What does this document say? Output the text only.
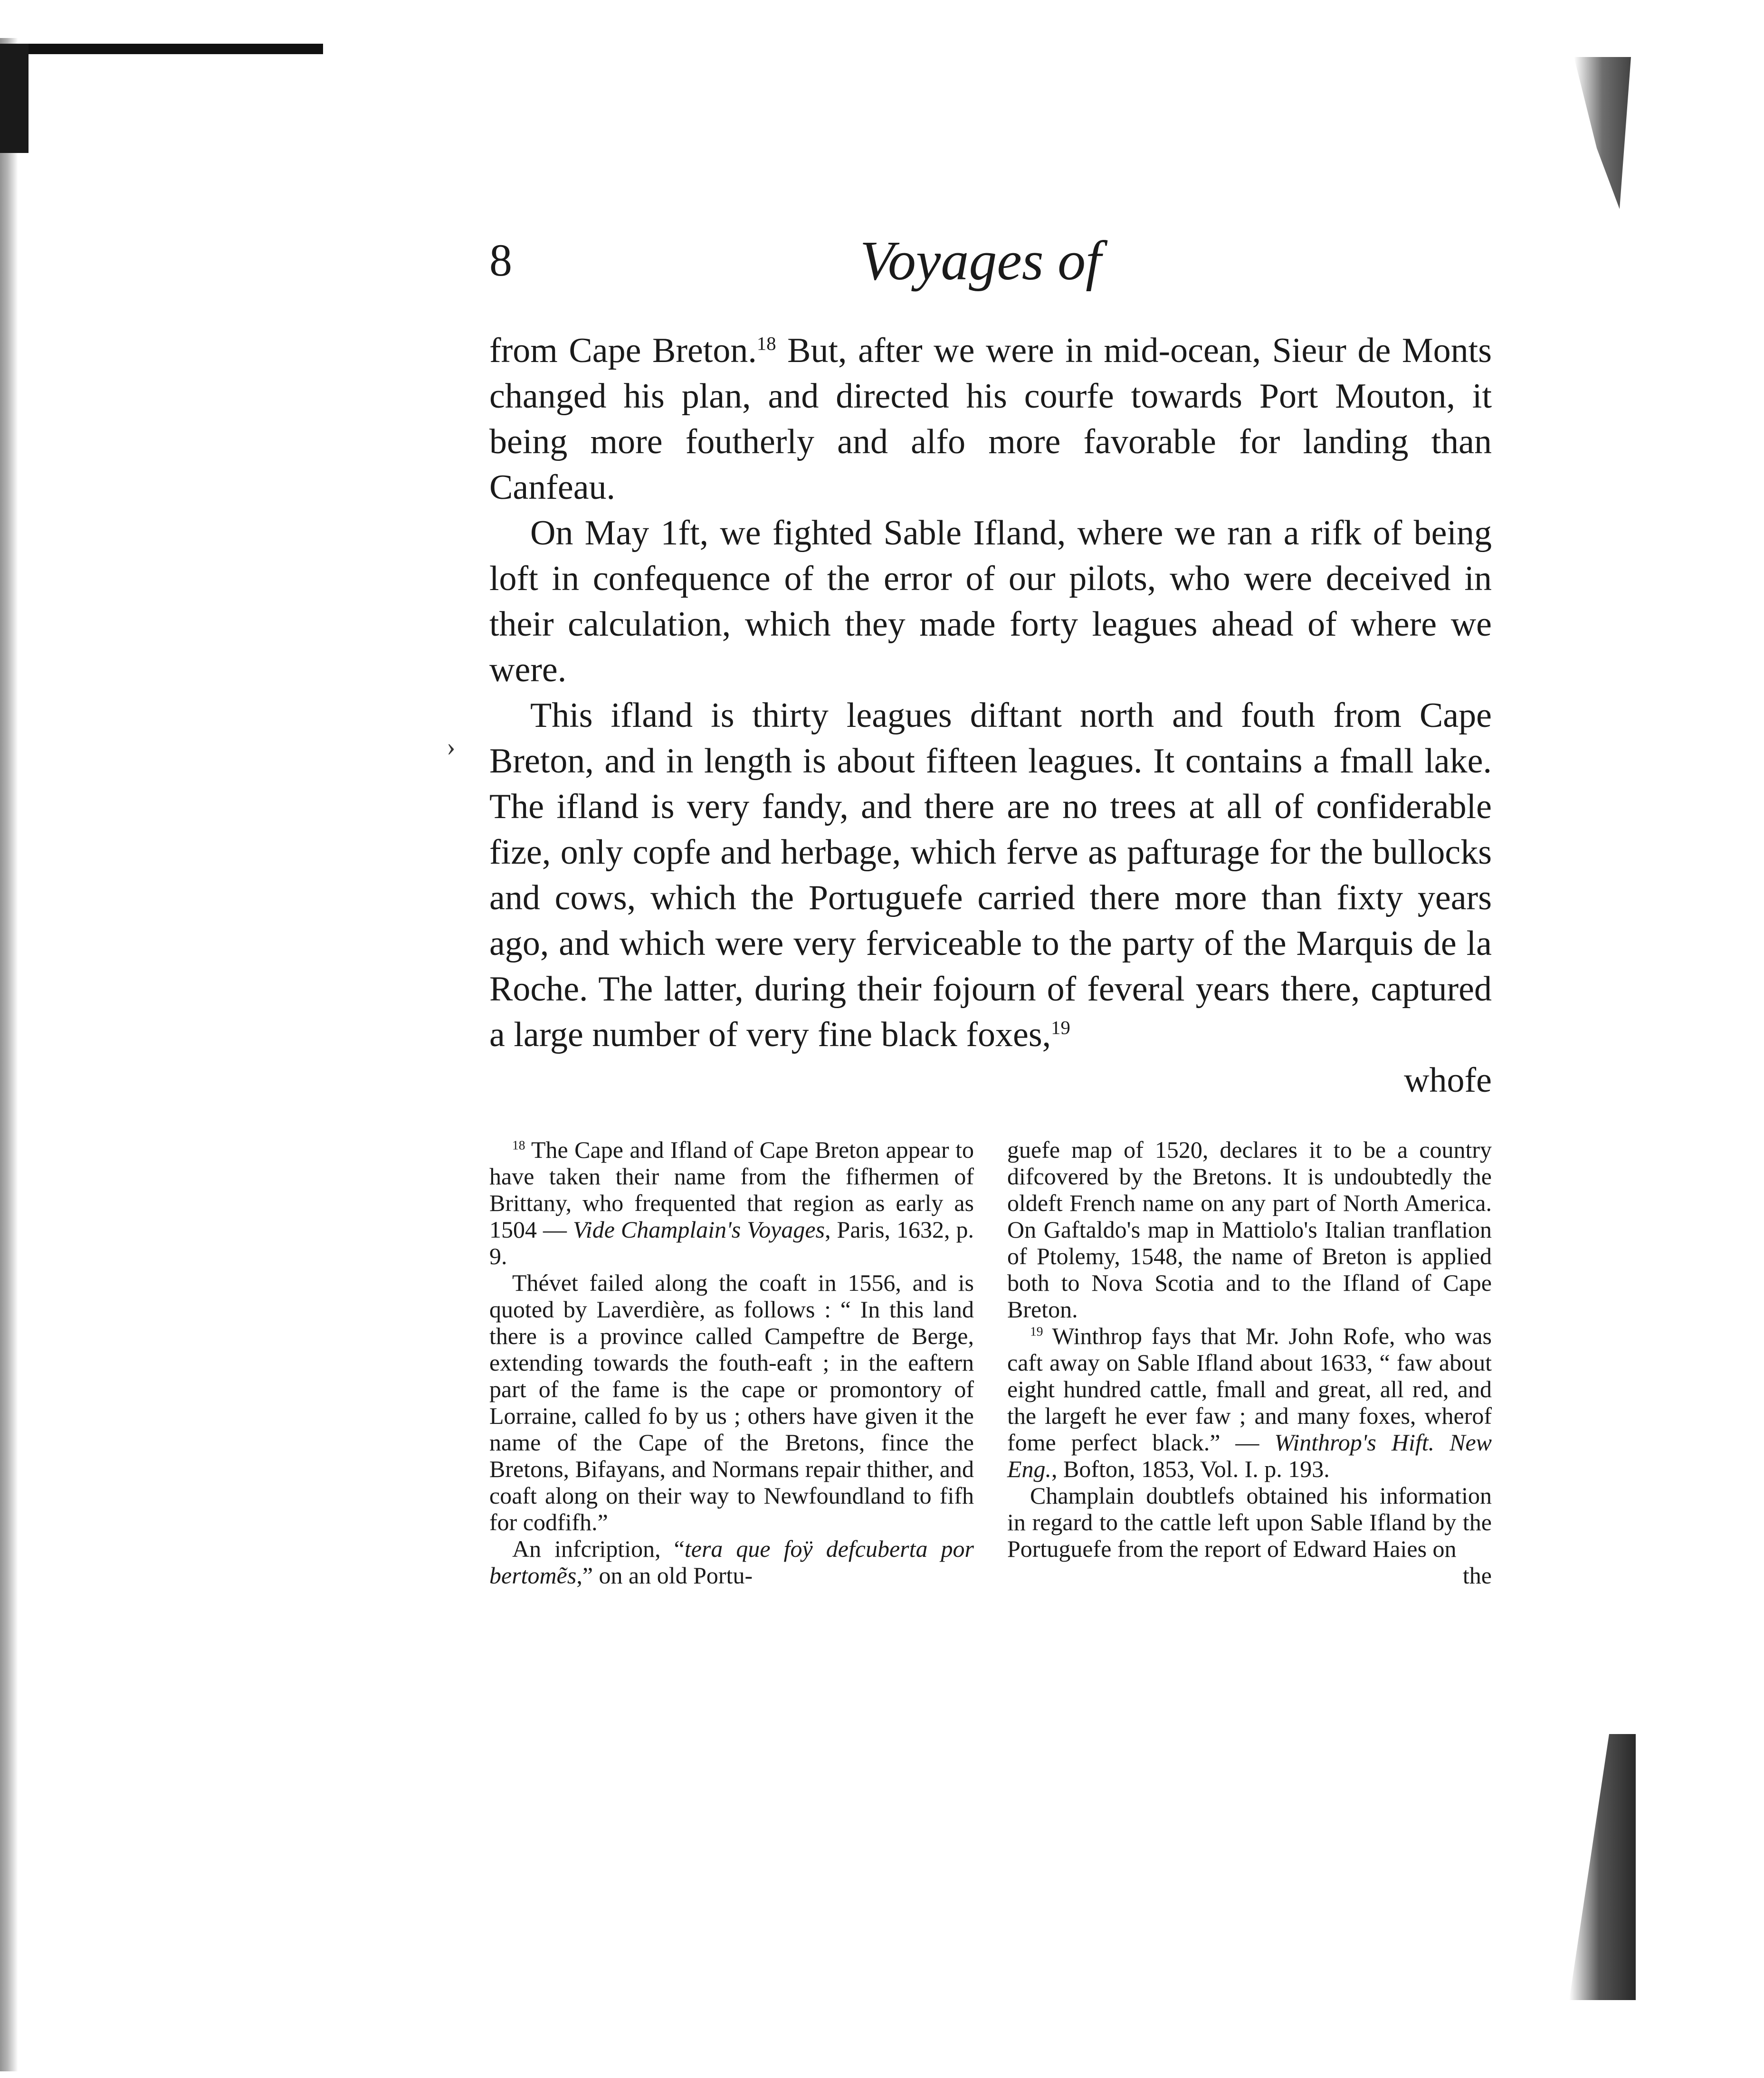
›
8	Voyages of

from Cape Breton.$^{18}$ But, after we were in mid-ocean, Sieur de Monts changed his plan, and directed his courfe towards Port Mouton, it being more foutherly and alfo more favorable for landing than Canfeau.

On May 1ft, we fighted Sable Ifland, where we ran a rifk of being loft in confequence of the error of our pilots, who were deceived in their calculation, which they made forty leagues ahead of where we were.

This ifland is thirty leagues diftant north and fouth from Cape Breton, and in length is about fifteen leagues. It contains a fmall lake. The ifland is very fandy, and there are no trees at all of confiderable fize, only copfe and herbage, which ferve as pafturage for the bullocks and cows, which the Portuguefe carried there more than fixty years ago, and which were very ferviceable to the party of the Marquis de la Roche. The latter, during their fojourn of feveral years there, captured a large number of very fine black foxes,$^{19}$

whofe

$^{18}$ The Cape and Ifland of Cape Breton appear to have taken their name from the fifhermen of Brittany, who frequented that region as early as 1504 — Vide Champlain's Voyages, Paris, 1632, p. 9.

Thévet failed along the coaft in 1556, and is quoted by Laverdière, as follows : “ In this land there is a province called Campeftre de Berge, extending towards the fouth-eaft ; in the eaftern part of the fame is the cape or promontory of Lorraine, called fo by us ; others have given it the name of the Cape of the Bretons, fince the Bretons, Bifayans, and Normans repair thither, and coaft along on their way to Newfoundland to fifh for codfifh.”

An infcription, “tera que foÿ defcuberta por bertomẽs,” on an old Portu-

guefe map of 1520, declares it to be a country difcovered by the Bretons. It is undoubtedly the oldeft French name on any part of North America. On Gaftaldo's map in Mattiolo's Italian tranflation of Ptolemy, 1548, the name of Breton is applied both to Nova Scotia and to the Ifland of Cape Breton.

$^{19}$ Winthrop fays that Mr. John Rofe, who was caft away on Sable Ifland about 1633, “ faw about eight hundred cattle, fmall and great, all red, and the largeft he ever faw ; and many foxes, wherof fome perfect black.” — Winthrop's Hift. New Eng., Bofton, 1853, Vol. I. p. 193.

Champlain doubtlefs obtained his information in regard to the cattle left upon Sable Ifland by the Portuguefe from the report of Edward Haies on

the
